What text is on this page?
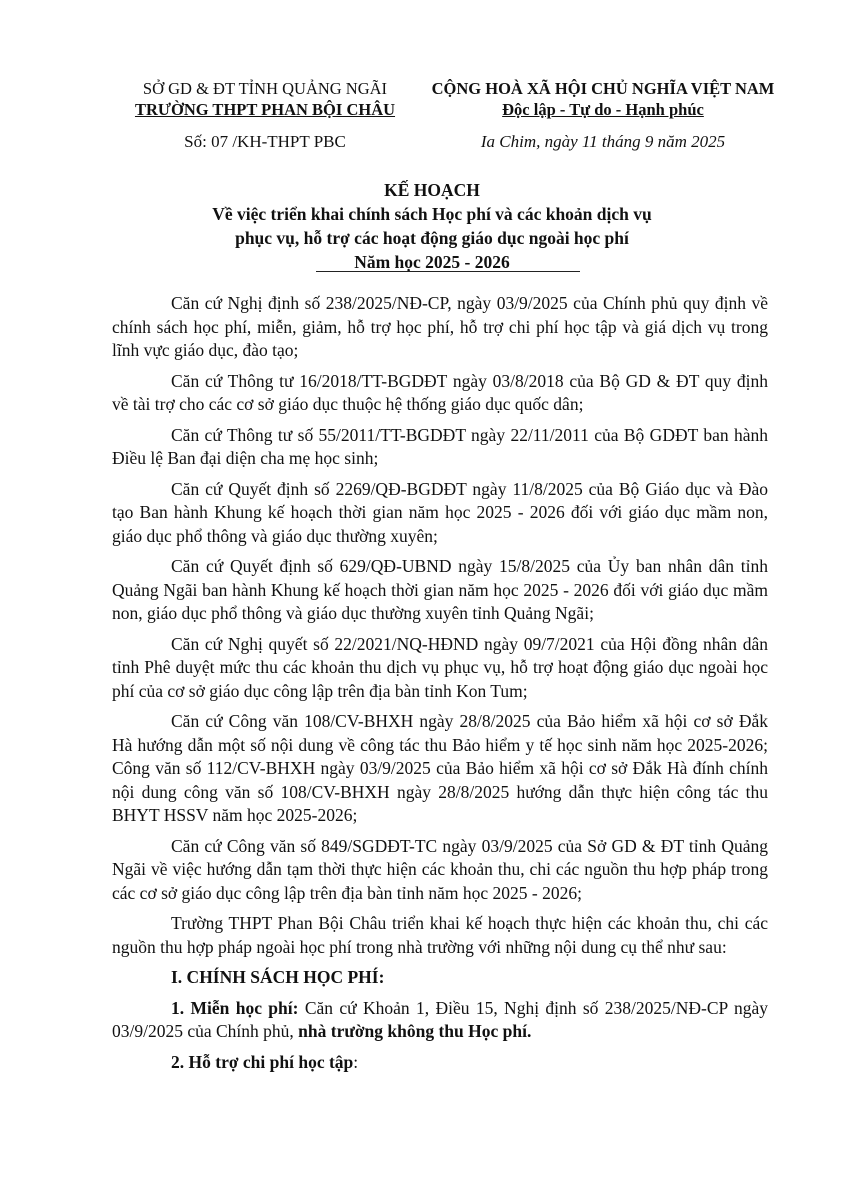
SỞ GD & ĐT TỈNH QUẢNG NGÃI
TRƯỜNG THPT PHAN BỘI CHÂU
CỘNG HOÀ XÃ HỘI CHỦ NGHĨA VIỆT NAM
Độc lập - Tự do - Hạnh phúc
Số: 07 /KH-THPT PBC	Ia Chim, ngày 11 tháng 9 năm 2025
KẾ HOẠCH
Về việc triển khai chính sách Học phí và các khoản dịch vụ
phục vụ, hỗ trợ các hoạt động giáo dục ngoài học phí
Năm học 2025 - 2026

Căn cứ Nghị định số 238/2025/NĐ-CP, ngày 03/9/2025 của Chính phủ quy định về chính sách học phí, miễn, giảm, hỗ trợ học phí, hỗ trợ chi phí học tập và giá dịch vụ trong lĩnh vực giáo dục, đào tạo;

Căn cứ Thông tư 16/2018/TT-BGDĐT ngày 03/8/2018 của Bộ GD & ĐT quy định về tài trợ cho các cơ sở giáo dục thuộc hệ thống giáo dục quốc dân;

Căn cứ Thông tư số 55/2011/TT-BGDĐT ngày 22/11/2011 của Bộ GDĐT ban hành Điều lệ Ban đại diện cha mẹ học sinh;

Căn cứ Quyết định số 2269/QĐ-BGDĐT ngày 11/8/2025 của Bộ Giáo dục và Đào tạo Ban hành Khung kế hoạch thời gian năm học 2025 - 2026 đối với giáo dục mầm non, giáo dục phổ thông và giáo dục thường xuyên;

Căn cứ Quyết định số 629/QĐ-UBND ngày 15/8/2025 của Ủy ban nhân dân tỉnh Quảng Ngãi ban hành Khung kế hoạch thời gian năm học 2025 - 2026 đối với giáo dục mầm non, giáo dục phổ thông và giáo dục thường xuyên tỉnh Quảng Ngãi;

Căn cứ Nghị quyết số 22/2021/NQ-HĐND ngày 09/7/2021 của Hội đồng nhân dân tỉnh Phê duyệt mức thu các khoản thu dịch vụ phục vụ, hỗ trợ hoạt động giáo dục ngoài học phí của cơ sở giáo dục công lập trên địa bàn tỉnh Kon Tum;

Căn cứ Công văn 108/CV-BHXH ngày 28/8/2025 của Bảo hiểm xã hội cơ sở Đắk Hà hướng dẫn một số nội dung về công tác thu Bảo hiểm y tế học sinh năm học 2025-2026; Công văn số 112/CV-BHXH ngày 03/9/2025 của Bảo hiểm xã hội cơ sở Đắk Hà đính chính nội dung công văn số 108/CV-BHXH ngày 28/8/2025 hướng dẫn thực hiện công tác thu BHYT HSSV năm học 2025-2026;

Căn cứ Công văn số 849/SGDĐT-TC ngày 03/9/2025 của Sở GD & ĐT tỉnh Quảng Ngãi về việc hướng dẫn tạm thời thực hiện các khoản thu, chi các nguồn thu hợp pháp trong các cơ sở giáo dục công lập trên địa bàn tỉnh năm học 2025 - 2026;

Trường THPT Phan Bội Châu triển khai kế hoạch thực hiện các khoản thu, chi các nguồn thu hợp pháp ngoài học phí trong nhà trường với những nội dung cụ thể như sau:

I. CHÍNH SÁCH HỌC PHÍ:

1. Miễn học phí: Căn cứ Khoản 1, Điều 15, Nghị định số 238/2025/NĐ-CP ngày 03/9/2025 của Chính phủ, nhà trường không thu Học phí.

2. Hỗ trợ chi phí học tập:
